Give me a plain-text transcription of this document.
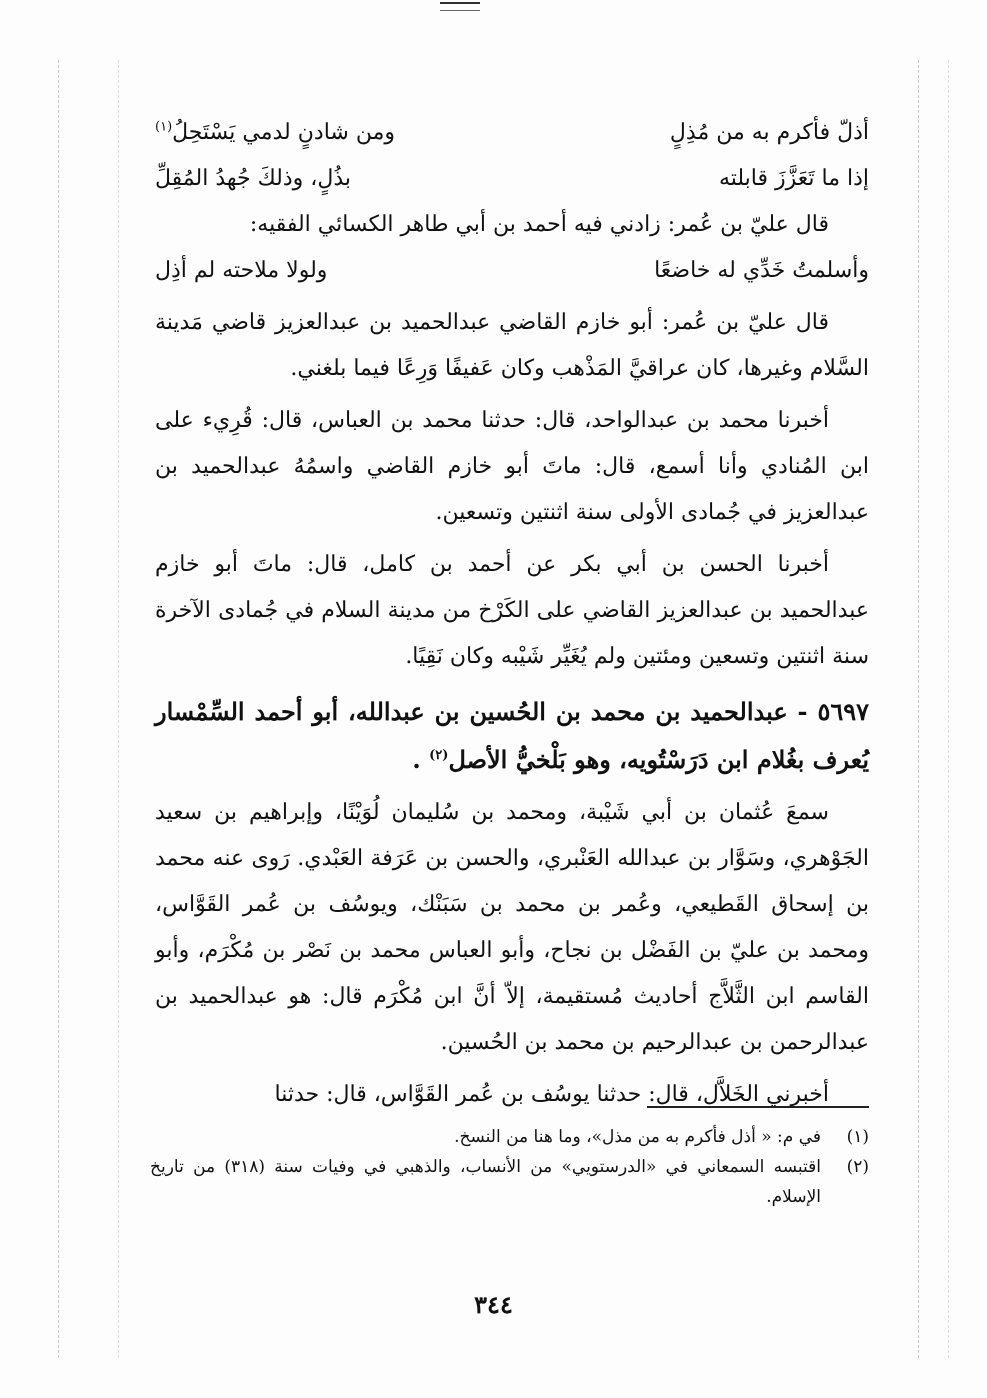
أذلّ فأكرم به من مُذِلٍ
ومن شادنٍ لدمي يَسْتَحِلُ$^{(١)}$
إذا ما تَعَزَّزَ قابلته
بذُلٍ، وذلكَ جُهدُ المُقِلِّ

قال عليّ بن عُمر: زادني فيه أحمد بن أبي طاهر الكسائي الفقيه:

وأسلمتُ خَدِّي له خاضعًا
ولولا ملاحته لم أذِل

قال عليّ بن عُمر: أبو خازم القاضي عبدالحميد بن عبدالعزيز قاضي مَدينة السَّلام وغيرها، كان عراقيَّ المَذْهب وكان عَفيفًا وَرِعًا فيما بلغني.

أخبرنا محمد بن عبدالواحد، قال: حدثنا محمد بن العباس، قال: قُرِيء على ابن المُنادي وأنا أسمع، قال: ماتَ أبو خازم القاضي واسمُهُ عبدالحميد بن عبدالعزيز في جُمادى الأولى سنة اثنتين وتسعين.

أخبرنا الحسن بن أبي بكر عن أحمد بن كامل، قال: ماتَ أبو خازم عبدالحميد بن عبدالعزيز القاضي على الكَرْخ من مدينة السلام في جُمادى الآخرة سنة اثنتين وتسعين ومئتين ولم يُغَيِّر شَيْبه وكان نَقِيًا.

٥٦٩٧ - عبدالحميد بن محمد بن الحُسين بن عبدالله، أبو أحمد السِّمْسار يُعرف بغُلام ابن دَرَسْتُويه، وهو بَلْخيُّ الأصل$^{(٢)}$ .

سمعَ عُثمان بن أبي شَيْبة، ومحمد بن سُليمان لُوَيْنًا، وإبراهيم بن سعيد الجَوْهري، وسَوَّار بن عبدالله العَنْبري، والحسن بن عَرَفة العَبْدي. رَوى عنه محمد بن إسحاق القَطيعي، وعُمر بن محمد بن سَبَنْك، ويوسُف بن عُمر القَوَّاس، ومحمد بن عليّ بن الفَضْل بن نجاح، وأبو العباس محمد بن نَصْر بن مُكْرَم، وأبو القاسم ابن الثَّلاَّج أحاديث مُستقيمة، إلاّ أنَّ ابن مُكْرَم قال: هو عبدالحميد بن عبدالرحمن بن عبدالرحيم بن محمد بن الحُسين.

أخبرني الخَلاَّل، قال: حدثنا يوسُف بن عُمر القَوَّاس، قال: حدثنا

(١)
في م: « أذل فأكرم به من مذل»، وما هنا من النسخ.
(٢)
اقتبسه السمعاني في «الدرستويي» من الأنساب، والذهبي في وفيات سنة (٣١٨) من تاريخ الإسلام.
٣٤٤
